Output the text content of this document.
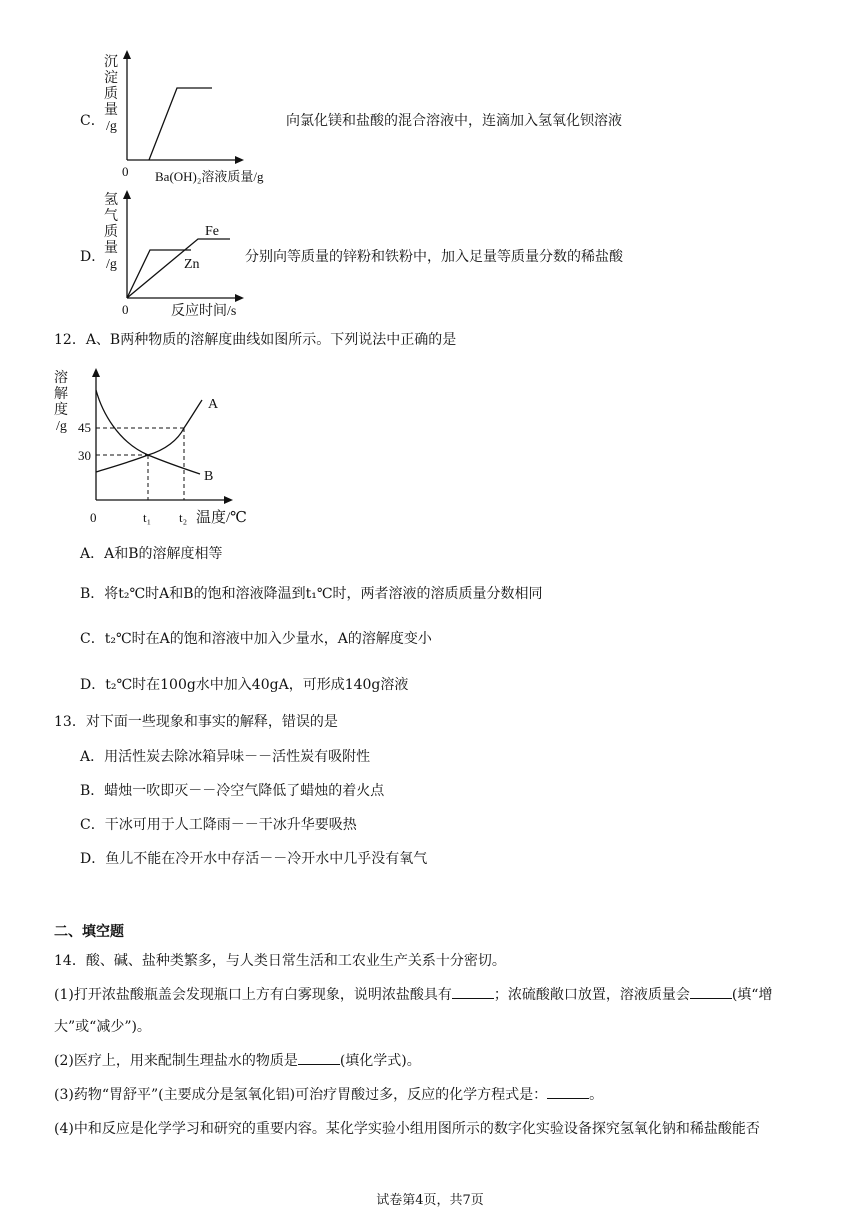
C．
沉
淀
质
量
/g
0 Ba(OH)₂溶液质量/g
向氯化镁和盐酸的混合溶液中，连滴加入氢氧化钡溶液
D．
氢
气
质
量
/g
Fe
Zn
0	反应时间/s
分别向等质量的锌粉和铁粉中，加入足量等质量分数的稀盐酸
12．A、B两种物质的溶解度曲线如图所示。下列说法中正确的是
溶
解
度
/g
A
B
45
30
0	t₁ t₂ 温度/℃
A．A和B的溶解度相等
B．将t₂℃时A和B的饱和溶液降温到t₁℃时，两者溶液的溶质质量分数相同
C．t₂℃时在A的饱和溶液中加入少量水，A的溶解度变小
D．t₂℃时在100g水中加入40gA，可形成140g溶液
13．对下面一些现象和事实的解释，错误的是
A．用活性炭去除冰箱异味－－活性炭有吸附性
B．蜡烛一吹即灭－－冷空气降低了蜡烛的着火点
C．干冰可用于人工降雨－－干冰升华要吸热
D．鱼儿不能在冷开水中存活－－冷开水中几乎没有氧气
二、填空题
14．酸、碱、盐种类繁多，与人类日常生活和工农业生产关系十分密切。
(1)打开浓盐酸瓶盖会发现瓶口上方有白雾现象，说明浓盐酸具有	；浓硫酸敞口放置，溶液质量会	(填“增
大”或“减少”)。
(2)医疗上，用来配制生理盐水的物质是	(填化学式)。
(3)药物“胃舒平”(主要成分是氢氧化铝)可治疗胃酸过多，反应的化学方程式是：	。
(4)中和反应是化学学习和研究的重要内容。某化学实验小组用图所示的数字化实验设备探究氢氧化钠和稀盐酸能否
试卷第4页，共7页
